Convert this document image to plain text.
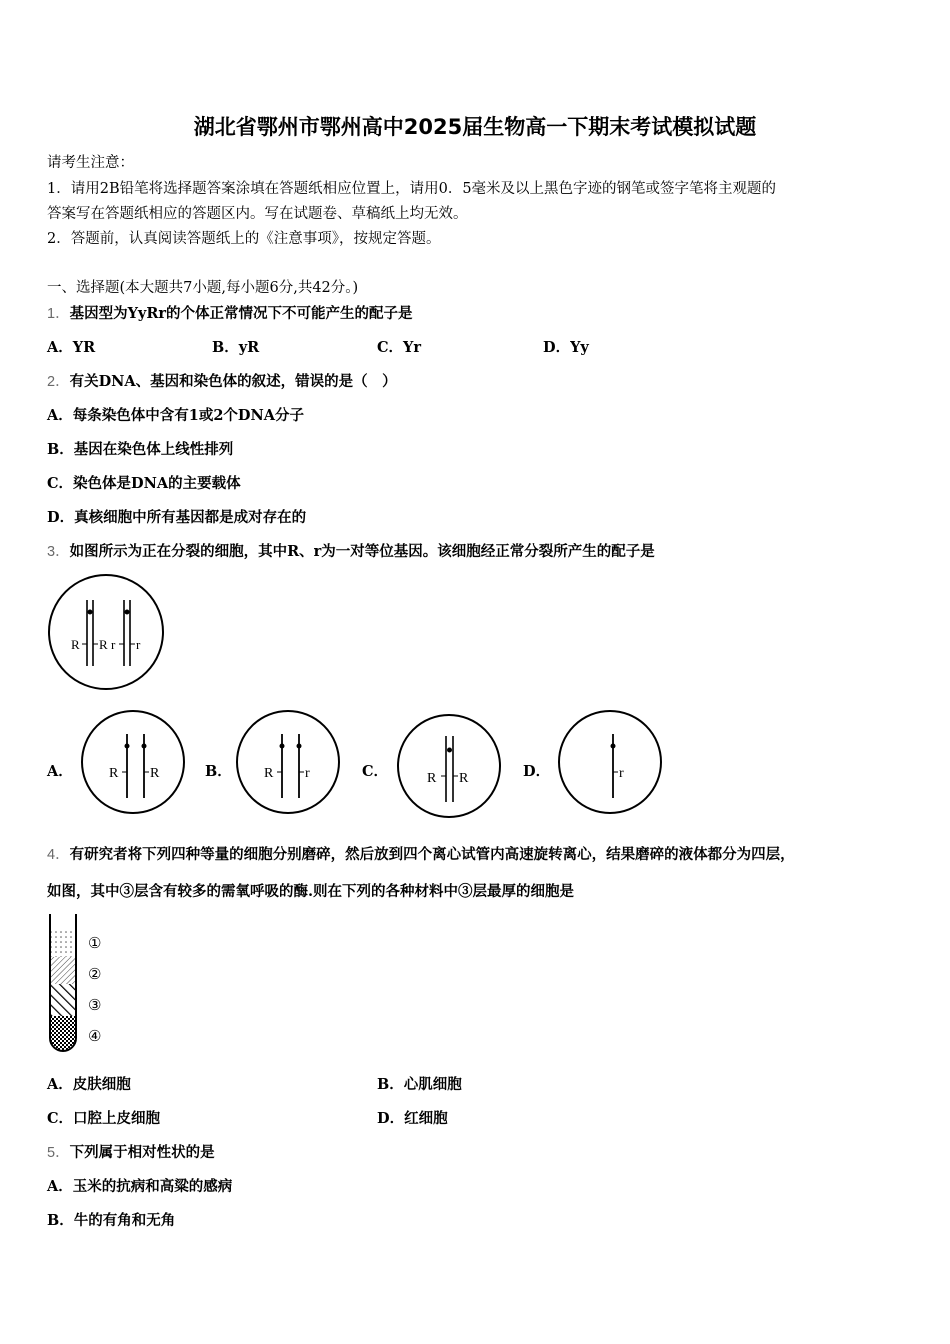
湖北省鄂州市鄂州高中2025届生物高一下期末考试模拟试题
请考生注意：
1．请用2B铅笔将选择题答案涂填在答题纸相应位置上，请用0．5毫米及以上黑色字迹的钢笔或签字笔将主观题的
答案写在答题纸相应的答题区内。写在试题卷、草稿纸上均无效。
2．答题前，认真阅读答题纸上的《注意事项》，按规定答题。
一、选择题(本大题共7小题,每小题6分,共42分。)
1．基因型为YyRr的个体正常情况下不可能产生的配子是
A．YR	B．yR	C．Yr	D．Yy
2．有关DNA、基因和染色体的叙述，错误的是（　）
A．每条染色体中含有1或2个DNA分子
B．基因在染色体上线性排列
C．染色体是DNA的主要载体
D．真核细胞中所有基因都是成对存在的
3．如图所示为正在分裂的细胞，其中R、r为一对等位基因。该细胞经正常分裂所产生的配子是
R R r r
A．	R R	B． R r	C．	R R	D．	r
4．有研究者将下列四种等量的细胞分别磨碎，然后放到四个离心试管内高速旋转离心，结果磨碎的液体都分为四层，
如图，其中③层含有较多的需氧呼吸的酶.则在下列的各种材料中③层最厚的细胞是
①
②
③
④
A．皮肤细胞	B．心肌细胞
C．口腔上皮细胞	D．红细胞
5．下列属于相对性状的是
A．玉米的抗病和高粱的感病
B．牛的有角和无角
